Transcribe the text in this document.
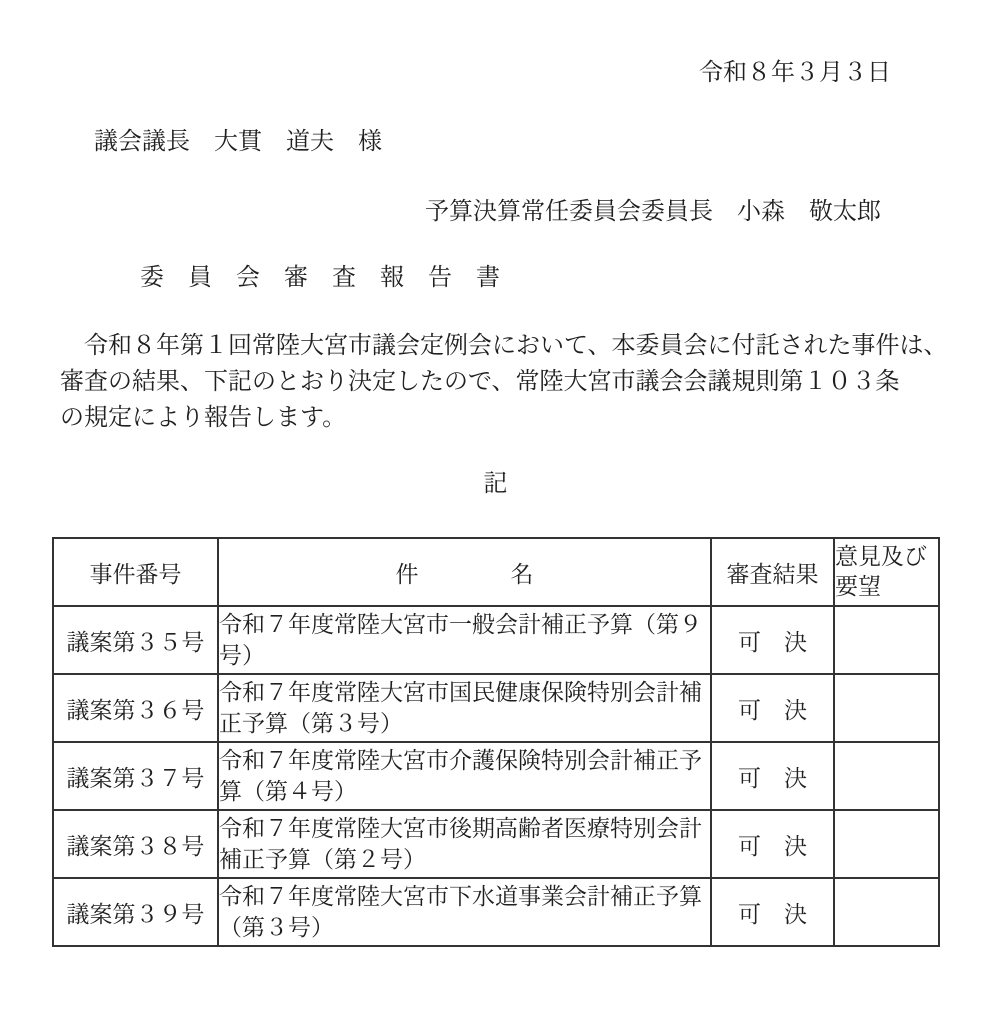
令和８年３月３日
議会議長　大貫　道夫　様
予算決算常任委員会委員長　小森　敬太郎
委　員　会　審　査　報　告　書
　令和８年第１回常陸大宮市議会定例会において、本委員会に付託された事件は、
審査の結果、下記のとおり決定したので、常陸大宮市議会会議規則第１０３条
の規定により報告します。
記
事件番号	件　　　　名	審査結果	意見及び要望
議案第３５号	令和７年度常陸大宮市一般会計補正予算（第９号）	可　決	
議案第３６号	令和７年度常陸大宮市国民健康保険特別会計補正予算（第３号）	可　決	
議案第３７号	令和７年度常陸大宮市介護保険特別会計補正予算（第４号）	可　決	
議案第３８号	令和７年度常陸大宮市後期高齢者医療特別会計補正予算（第２号）	可　決	
議案第３９号	令和７年度常陸大宮市下水道事業会計補正予算（第３号）	可　決	
